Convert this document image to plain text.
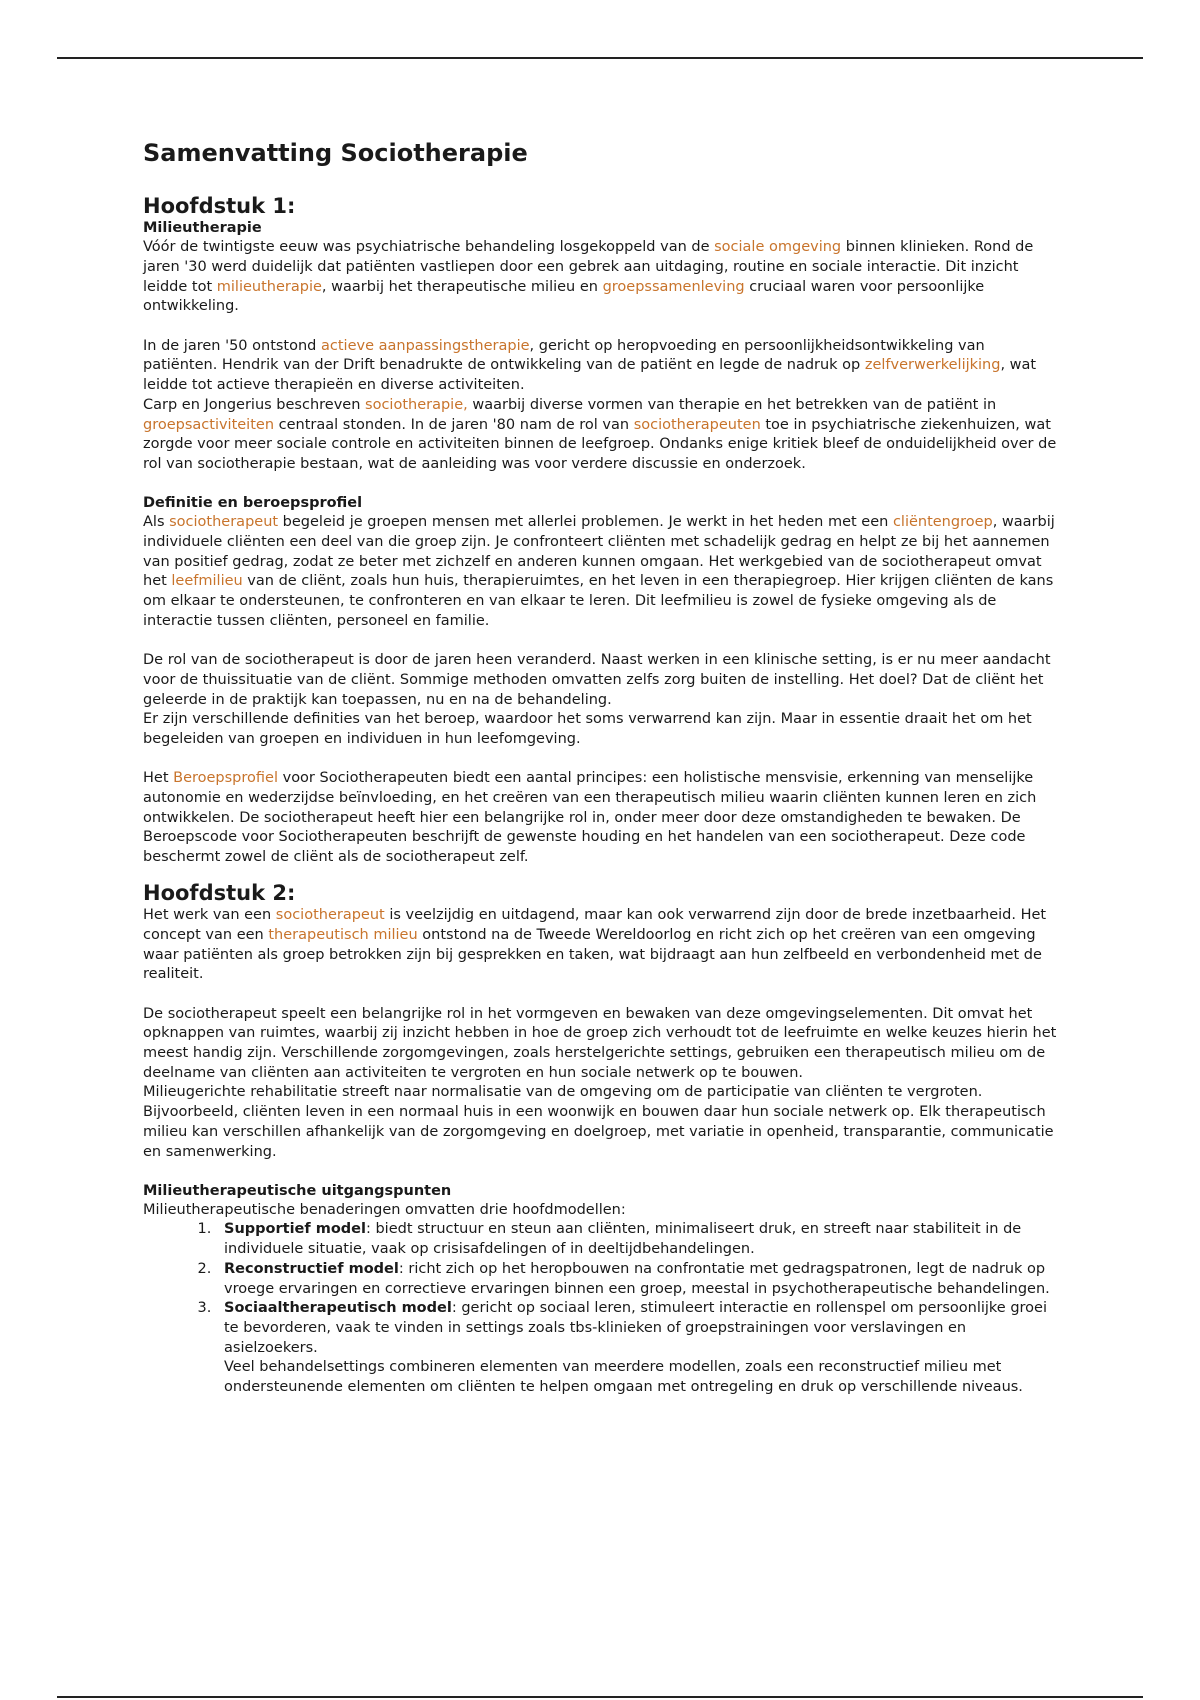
Samenvatting Sociotherapie
Hoofdstuk 1:
Milieutherapie

Vóór de twintigste eeuw was psychiatrische behandeling losgekoppeld van de sociale omgeving binnen klinieken. Rond de jaren '30 werd duidelijk dat patiënten vastliepen door een gebrek aan uitdaging, routine en sociale interactie. Dit inzicht leidde tot milieutherapie, waarbij het therapeutische milieu en groepssamenleving cruciaal waren voor persoonlijke ontwikkeling.

In de jaren '50 ontstond actieve aanpassingstherapie, gericht op heropvoeding en persoonlijkheidsontwikkeling van patiënten. Hendrik van der Drift benadrukte de ontwikkeling van de patiënt en legde de nadruk op zelfverwerkelijking, wat leidde tot actieve therapieën en diverse activiteiten.

Carp en Jongerius beschreven sociotherapie, waarbij diverse vormen van therapie en het betrekken van de patiënt in groepsactiviteiten centraal stonden. In de jaren '80 nam de rol van sociotherapeuten toe in psychiatrische ziekenhuizen, wat zorgde voor meer sociale controle en activiteiten binnen de leefgroep. Ondanks enige kritiek bleef de onduidelijkheid over de rol van sociotherapie bestaan, wat de aanleiding was voor verdere discussie en onderzoek.

Definitie en beroepsprofiel

Als sociotherapeut begeleid je groepen mensen met allerlei problemen. Je werkt in het heden met een cliëntengroep, waarbij individuele cliënten een deel van die groep zijn. Je confronteert cliënten met schadelijk gedrag en helpt ze bij het aannemen van positief gedrag, zodat ze beter met zichzelf en anderen kunnen omgaan. Het werkgebied van de sociotherapeut omvat het leefmilieu van de cliënt, zoals hun huis, therapieruimtes, en het leven in een therapiegroep. Hier krijgen cliënten de kans om elkaar te ondersteunen, te confronteren en van elkaar te leren. Dit leefmilieu is zowel de fysieke omgeving als de interactie tussen cliënten, personeel en familie.

De rol van de sociotherapeut is door de jaren heen veranderd. Naast werken in een klinische setting, is er nu meer aandacht voor de thuissituatie van de cliënt. Sommige methoden omvatten zelfs zorg buiten de instelling. Het doel? Dat de cliënt het geleerde in de praktijk kan toepassen, nu en na de behandeling.

Er zijn verschillende definities van het beroep, waardoor het soms verwarrend kan zijn. Maar in essentie draait het om het begeleiden van groepen en individuen in hun leefomgeving.

Het Beroepsprofiel voor Sociotherapeuten biedt een aantal principes: een holistische mensvisie, erkenning van menselijke autonomie en wederzijdse beïnvloeding, en het creëren van een therapeutisch milieu waarin cliënten kunnen leren en zich ontwikkelen. De sociotherapeut heeft hier een belangrijke rol in, onder meer door deze omstandigheden te bewaken. De Beroepscode voor Sociotherapeuten beschrijft de gewenste houding en het handelen van een sociotherapeut. Deze code beschermt zowel de cliënt als de sociotherapeut zelf.

Hoofdstuk 2:

Het werk van een sociotherapeut is veelzijdig en uitdagend, maar kan ook verwarrend zijn door de brede inzetbaarheid. Het concept van een therapeutisch milieu ontstond na de Tweede Wereldoorlog en richt zich op het creëren van een omgeving waar patiënten als groep betrokken zijn bij gesprekken en taken, wat bijdraagt aan hun zelfbeeld en verbondenheid met de realiteit.

De sociotherapeut speelt een belangrijke rol in het vormgeven en bewaken van deze omgevingselementen. Dit omvat het opknappen van ruimtes, waarbij zij inzicht hebben in hoe de groep zich verhoudt tot de leefruimte en welke keuzes hierin het meest handig zijn. Verschillende zorgomgevingen, zoals herstelgerichte settings, gebruiken een therapeutisch milieu om de deelname van cliënten aan activiteiten te vergroten en hun sociale netwerk op te bouwen.

Milieugerichte rehabilitatie streeft naar normalisatie van de omgeving om de participatie van cliënten te vergroten. Bijvoorbeeld, cliënten leven in een normaal huis in een woonwijk en bouwen daar hun sociale netwerk op. Elk therapeutisch milieu kan verschillen afhankelijk van de zorgomgeving en doelgroep, met variatie in openheid, transparantie, communicatie en samenwerking.

Milieutherapeutische uitgangspunten

Milieutherapeutische benaderingen omvatten drie hoofdmodellen:

1. Supportief model: biedt structuur en steun aan cliënten, minimaliseert druk, en streeft naar stabiliteit in de individuele situatie, vaak op crisisafdelingen of in deeltijdbehandelingen.
2. Reconstructief model: richt zich op het heropbouwen na confrontatie met gedragspatronen, legt de nadruk op vroege ervaringen en correctieve ervaringen binnen een groep, meestal in psychotherapeutische behandelingen.
3. Sociaaltherapeutisch model: gericht op sociaal leren, stimuleert interactie en rollenspel om persoonlijke groei te bevorderen, vaak te vinden in settings zoals tbs-klinieken of groepstrainingen voor verslavingen en asielzoekers.
Veel behandelsettings combineren elementen van meerdere modellen, zoals een reconstructief milieu met ondersteunende elementen om cliënten te helpen omgaan met ontregeling en druk op verschillende niveaus.
